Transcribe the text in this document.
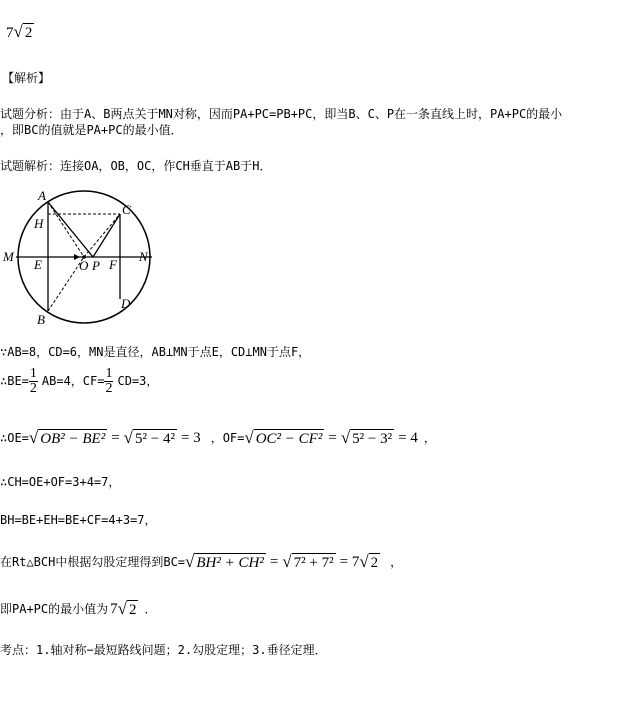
7√ 2
【解析】
试题分析：由于A、B两点关于MN对称，因而PA+PC=PB+PC，即当B、C、P在一条直线上时，PA+PC的最小
，即BC的值就是PA+PC的最小值．
试题解析：连接OA，OB，OC，作CH垂直于AB于H．
A
B
C
D
E	F
H
M	N
O P
∵AB=8，CD=6，MN是直径，AB⊥MN于点E，CD⊥MN于点F，
∴BE= $\frac{1}{2} AB=4$，$CF= \frac{1}{2} CD=3$，
∴OE= √ OB² − BE² = √ 5² − 4² = 3 ，OF= √ OC² − CF² = √ 5² − 3² = 4 ，
∴CH=OE+OF=3+4=7，
BH=BE+EH=BE+CF=4+3=7，
在Rt△BCH中根据勾股定理得到BC= √ BH² + CH² = √ 7² + 7² = 7 √ 2 ，
即PA+PC的最小值为 7 √ 2 ．
考点：1.轴对称−最短路线问题；2.勾股定理；3.垂径定理．
